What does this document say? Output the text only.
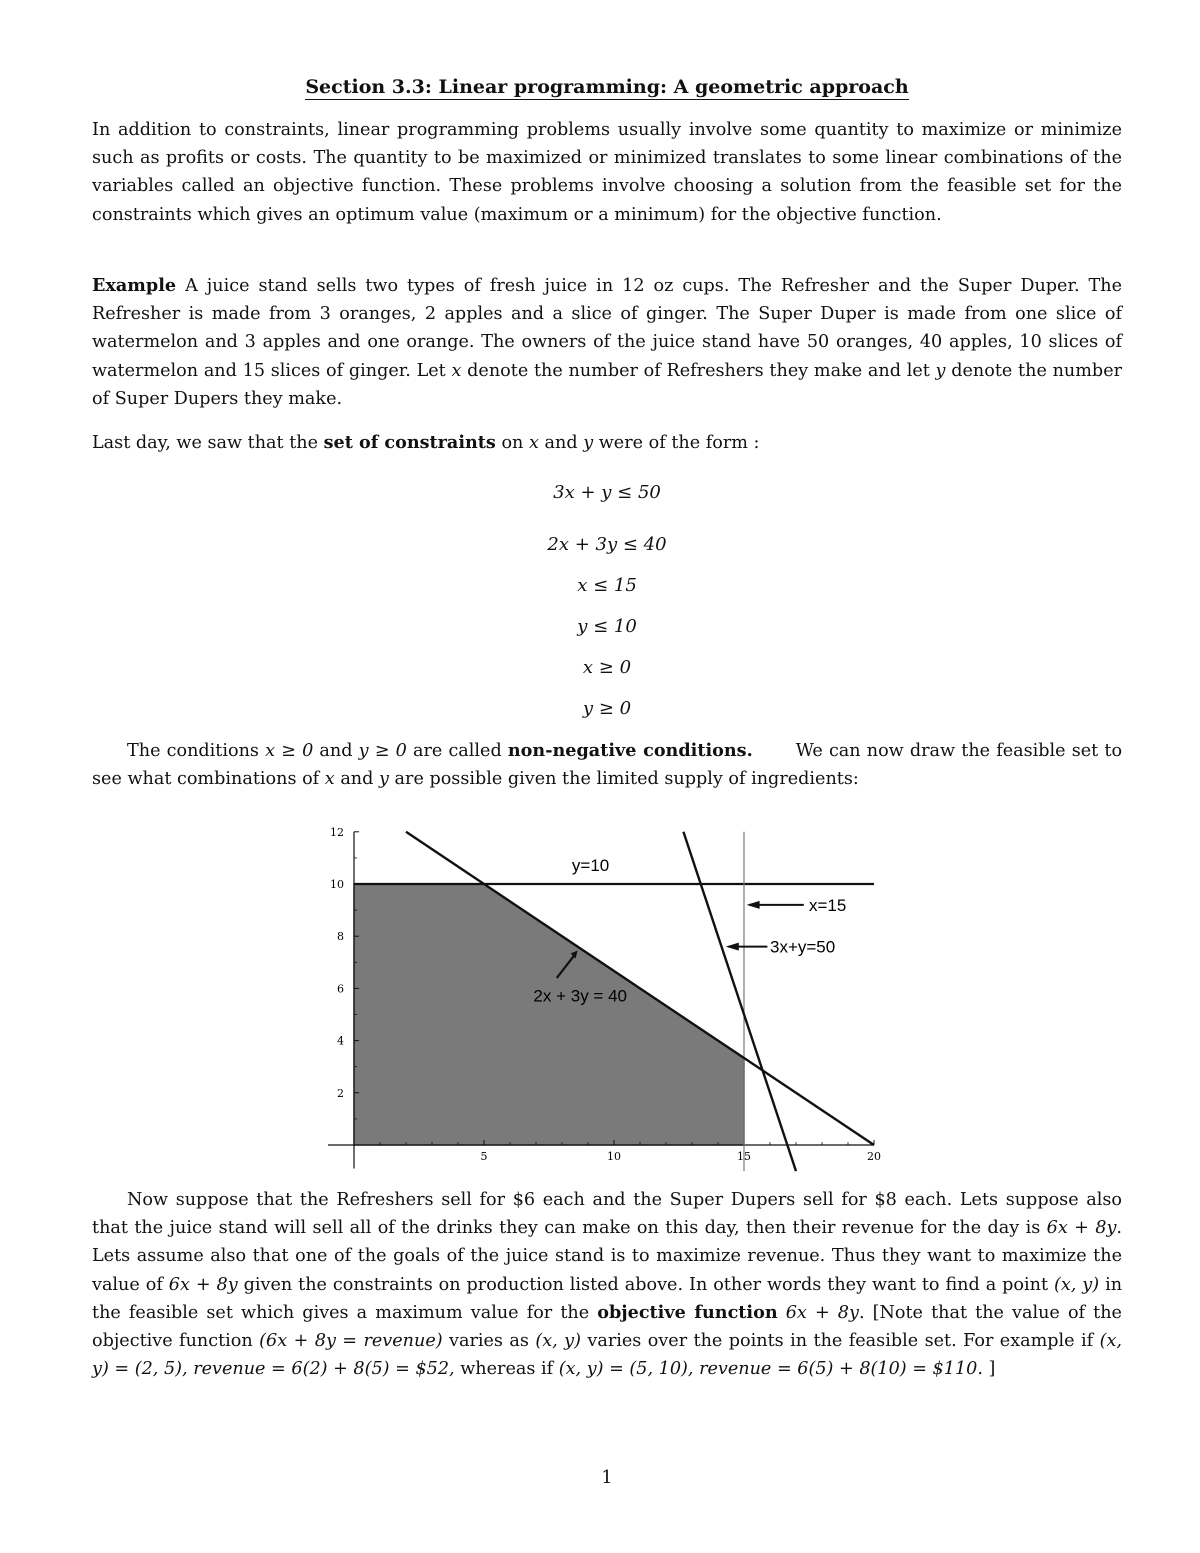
Section 3.3: Linear programming: A geometric approach
In addition to constraints, linear programming problems usually involve some quantity to maximize or minimize such as profits or costs. The quantity to be maximized or minimized translates to some linear combinations of the variables called an objective function. These problems involve choosing a solution from the feasible set for the constraints which gives an optimum value (maximum or a minimum) for the objective function.
Example A juice stand sells two types of fresh juice in 12 oz cups. The Refresher and the Super Duper. The Refresher is made from 3 oranges, 2 apples and a slice of ginger. The Super Duper is made from one slice of watermelon and 3 apples and one orange. The owners of the juice stand have 50 oranges, 40 apples, 10 slices of watermelon and 15 slices of ginger. Let x denote the number of Refreshers they make and let y denote the number of Super Dupers they make.
Last day, we saw that the set of constraints on x and y were of the form :
3x + y ≤ 50
2x + 3y ≤ 40
x ≤ 15
y ≤ 10
x ≥ 0
y ≥ 0
The conditions x ≥ 0 and y ≥ 0 are called non-negative conditions. We can now draw the feasible set to see what combinations of x and y are possible given the limited supply of ingredients:
5	10	15	20
2
4
6
8
10
12
y=10
x=15
3x+y=50
2x + 3y = 40
Now suppose that the Refreshers sell for $6 each and the Super Dupers sell for $8 each. Lets suppose also that the juice stand will sell all of the drinks they can make on this day, then their revenue for the day is 6x + 8y. Lets assume also that one of the goals of the juice stand is to maximize revenue. Thus they want to maximize the value of 6x + 8y given the constraints on production listed above. In other words they want to find a point (x, y) in the feasible set which gives a maximum value for the objective function 6x + 8y. [Note that the value of the objective function (6x + 8y = revenue) varies as (x, y) varies over the points in the feasible set. For example if (x, y) = (2, 5), revenue = 6(2) + 8(5) = $52, whereas if (x, y) = (5, 10), revenue = 6(5) + 8(10) = $110. ]
1
